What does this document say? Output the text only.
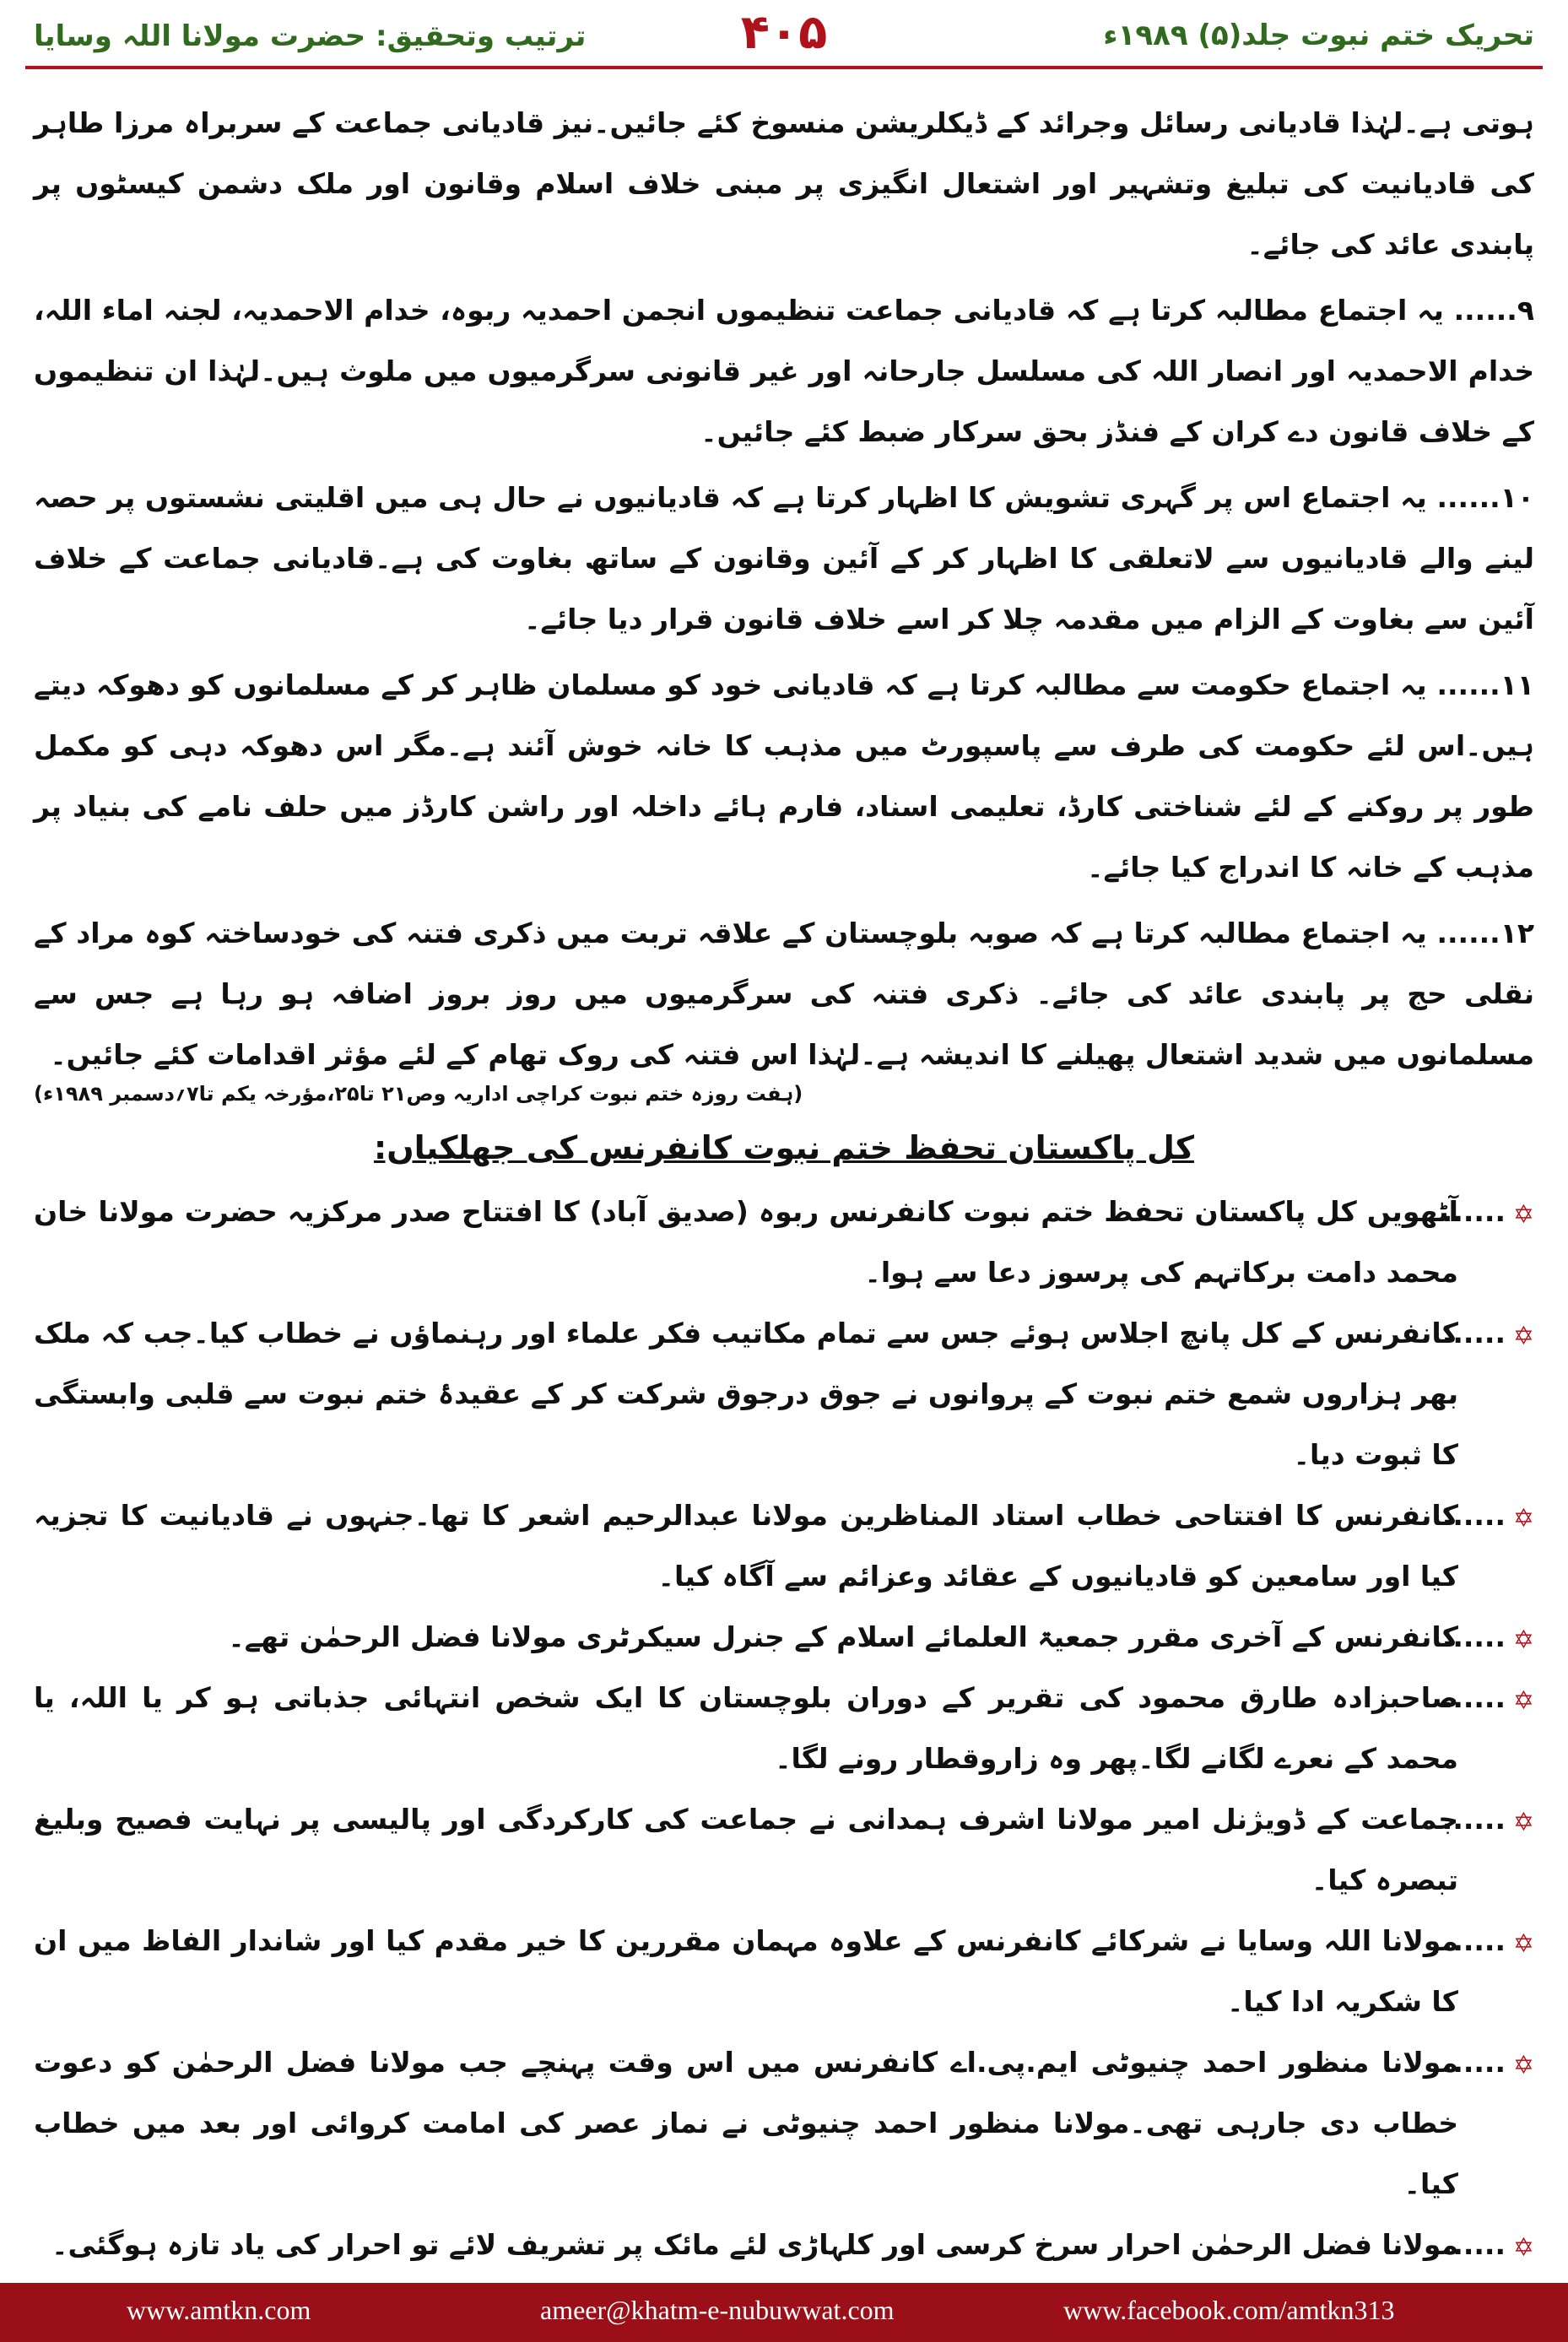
تحریک ختم نبوت جلد(۵) ۱۹۸۹ء
۴۰۵
ترتیب وتحقیق: حضرت مولانا اللہ وسایا

ہوتی ہے۔لہٰذا قادیانی رسائل وجرائد کے ڈیکلریشن منسوخ کئے جائیں۔نیز قادیانی جماعت کے سربراہ مرزا طاہر کی قادیانیت کی تبلیغ وتشہیر اور اشتعال انگیزی پر مبنی خلاف اسلام وقانون اور ملک دشمن کیسٹوں پر پابندی عائد کی جائے۔

۹...... یہ اجتماع مطالبہ کرتا ہے کہ قادیانی جماعت تنظیموں انجمن احمدیہ ربوہ، خدام الاحمدیہ، لجنہ اماء اللہ، خدام الاحمدیہ اور انصار اللہ کی مسلسل جارحانہ اور غیر قانونی سرگرمیوں میں ملوث ہیں۔لہٰذا ان تنظیموں کے خلاف قانون دے کران کے فنڈز بحق سرکار ضبط کئے جائیں۔

۱۰...... یہ اجتماع اس پر گہری تشویش کا اظہار کرتا ہے کہ قادیانیوں نے حال ہی میں اقلیتی نشستوں پر حصہ لینے والے قادیانیوں سے لاتعلقی کا اظہار کر کے آئین وقانون کے ساتھ بغاوت کی ہے۔قادیانی جماعت کے خلاف آئین سے بغاوت کے الزام میں مقدمہ چلا کر اسے خلاف قانون قرار دیا جائے۔

۱۱...... یہ اجتماع حکومت سے مطالبہ کرتا ہے کہ قادیانی خود کو مسلمان ظاہر کر کے مسلمانوں کو دھوکہ دیتے ہیں۔اس لئے حکومت کی طرف سے پاسپورٹ میں مذہب کا خانہ خوش آئند ہے۔مگر اس دھوکہ دہی کو مکمل طور پر روکنے کے لئے شناختی کارڈ، تعلیمی اسناد، فارم ہائے داخلہ اور راشن کارڈز میں حلف نامے کی بنیاد پر مذہب کے خانہ کا اندراج کیا جائے۔

۱۲...... یہ اجتماع مطالبہ کرتا ہے کہ صوبہ بلوچستان کے علاقہ تربت میں ذکری فتنہ کی خودساختہ کوہ مراد کے نقلی حج پر پابندی عائد کی جائے۔ ذکری فتنہ کی سرگرمیوں میں روز بروز اضافہ ہو رہا ہے جس سے مسلمانوں میں شدید اشتعال پھیلنے کا اندیشہ ہے۔لہٰذا اس فتنہ کی روک تھام کے لئے مؤثر اقدامات کئے جائیں۔

(ہفت روزہ ختم نبوت کراچی اداریہ وص۲۱ تا۲۵،مؤرخہ یکم تا۷؍دسمبر ۱۹۸۹ء)
کل پاکستان تحفظ ختم نبوت کانفرنس کی جھلکیاں:
✡
......
آٹھویں کل پاکستان تحفظ ختم نبوت کانفرنس ربوہ (صدیق آباد) کا افتتاح صدر مرکزیہ حضرت مولانا خان محمد دامت برکاتہم کی پرسوز دعا سے ہوا۔
✡
......
کانفرنس کے کل پانچ اجلاس ہوئے جس سے تمام مکاتیب فکر علماء اور رہنماؤں نے خطاب کیا۔جب کہ ملک بھر ہزاروں شمع ختم نبوت کے پروانوں نے جوق درجوق شرکت کر کے عقیدۂ ختم نبوت سے قلبی وابستگی کا ثبوت دیا۔
✡
......
کانفرنس کا افتتاحی خطاب استاد المناظرین مولانا عبدالرحیم اشعر کا تھا۔جنہوں نے قادیانیت کا تجزیہ کیا اور سامعین کو قادیانیوں کے عقائد وعزائم سے آگاہ کیا۔
✡
......
کانفرنس کے آخری مقرر جمعیۃ العلمائے اسلام کے جنرل سیکرٹری مولانا فضل الرحمٰن تھے۔
✡
......
صاحبزادہ طارق محمود کی تقریر کے دوران بلوچستان کا ایک شخص انتہائی جذباتی ہو کر یا اللہ، یا محمد کے نعرے لگانے لگا۔پھر وہ زاروقطار رونے لگا۔
✡
......
جماعت کے ڈویژنل امیر مولانا اشرف ہمدانی نے جماعت کی کارکردگی اور پالیسی پر نہایت فصیح وبلیغ تبصرہ کیا۔
✡
......
مولانا اللہ وسایا نے شرکائے کانفرنس کے علاوہ مہمان مقررین کا خیر مقدم کیا اور شاندار الفاظ میں ان کا شکریہ ادا کیا۔
✡
......
مولانا منظور احمد چنیوٹی ایم.پی.اے کانفرنس میں اس وقت پہنچے جب مولانا فضل الرحمٰن کو دعوت خطاب دی جارہی تھی۔مولانا منظور احمد چنیوٹی نے نماز عصر کی امامت کروائی اور بعد میں خطاب کیا۔
✡
......
مولانا فضل الرحمٰن احرار سرخ کرسی اور کلہاڑی لئے مائک پر تشریف لائے تو احرار کی یاد تازہ ہوگئی۔
www.amtkn.com	ameer@khatm-e-nubuwwat.com	www.facebook.com/amtkn313
